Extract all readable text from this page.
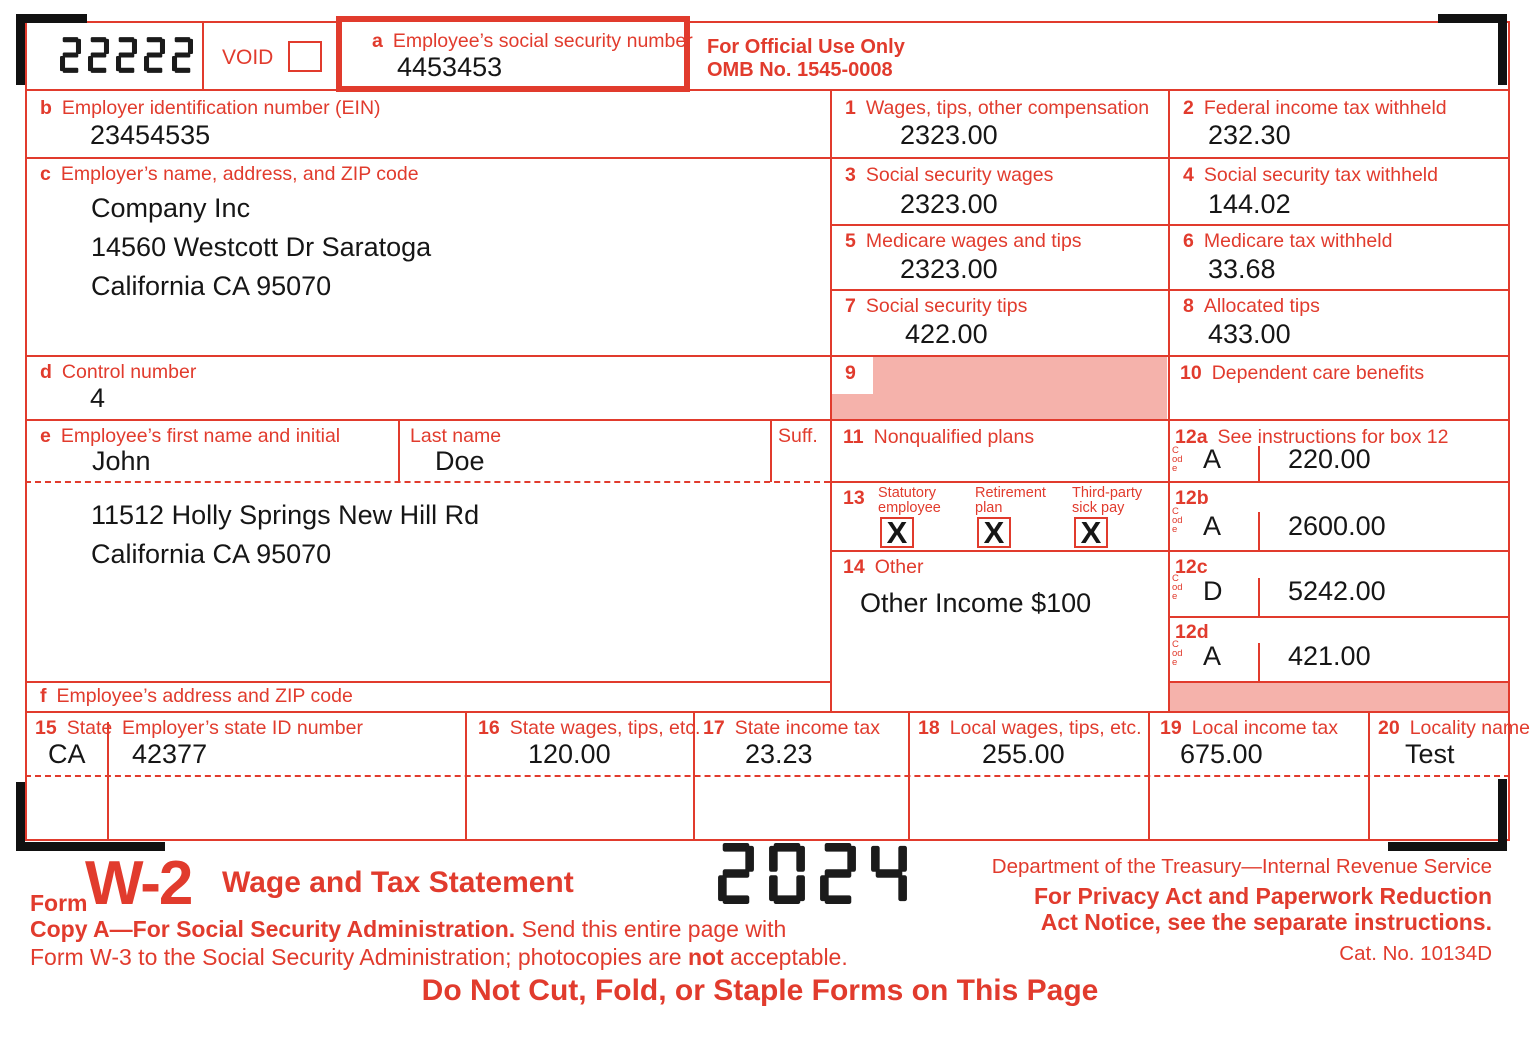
VOID
a Employee’s social security number
4453453
For Official Use Only
OMB No. 1545-0008
b Employer identification number (EIN)
23454535
c Employer’s name, address, and ZIP code
Company Inc
14560 Westcott Dr Saratoga
California CA 95070
d Control number
4
e Employee’s first name and initial
John
Last name
Doe
Suff.
11512 Holly Springs New Hill Rd
California CA 95070
f Employee’s address and ZIP code
1 Wages, tips, other compensation
2323.00
2 Federal income tax withheld
232.30
3 Social security wages
2323.00
4 Social security tax withheld
144.02
5 Medicare wages and tips
2323.00
6 Medicare tax withheld
33.68
7 Social security tips
422.00
8 Allocated tips
433.00
9	10 Dependent care benefits
11 Nonqualified plans	12a See instructions for box 12
Code A 220.00
13 Statutory
employee
X
Retirement
plan
X
Third-party
sick pay
X
12b
Code A 2600.00
14 Other
Other Income $100
12c
Code D 5242.00
12d
Code A 421.00
15 State
CA
Employer’s state ID number
42377
16 State wages, tips, etc.
120.00
17 State income tax
23.23
18 Local wages, tips, etc.
255.00
19 Local income tax
675.00
20 Locality name
Test
Form
W-2 Wage and Tax Statement	Department of the Treasury—Internal Revenue Service
For Privacy Act and Paperwork Reduction
Act Notice, see the separate instructions.
Cat. No. 10134D
Copy A—For Social Security Administration. Send this entire page with
Form W-3 to the Social Security Administration; photocopies are not acceptable.
Do Not Cut, Fold, or Staple Forms on This Page
